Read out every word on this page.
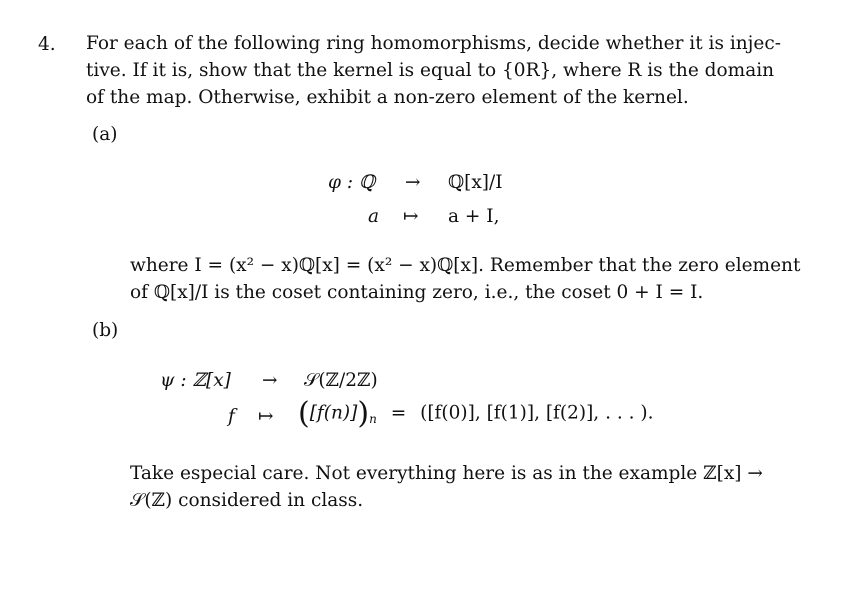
4. For each of the following ring homomorphisms, decide whether it is injec-
tive. If it is, show that the kernel is equal to {0R}, where R is the domain
of the map. Otherwise, exhibit a non-zero element of the kernel.
(a)
φ : ℚ → ℚ[x]/I
a ↦ a + I,
where I = (x² − x)ℚ[x] = (x² − x)ℚ[x]. Remember that the zero element
of ℚ[x]/I is the coset containing zero, i.e., the coset 0 + I = I.
(b)
ψ : ℤ[x] → 𝒮(ℤ/2ℤ)
f ↦ $([f(n)])_n = ([f(0)]$, [f(1)], [f(2)], . . . ).
Take especial care. Not everything here is as in the example ℤ[x] →
𝒮(ℤ) considered in class.
